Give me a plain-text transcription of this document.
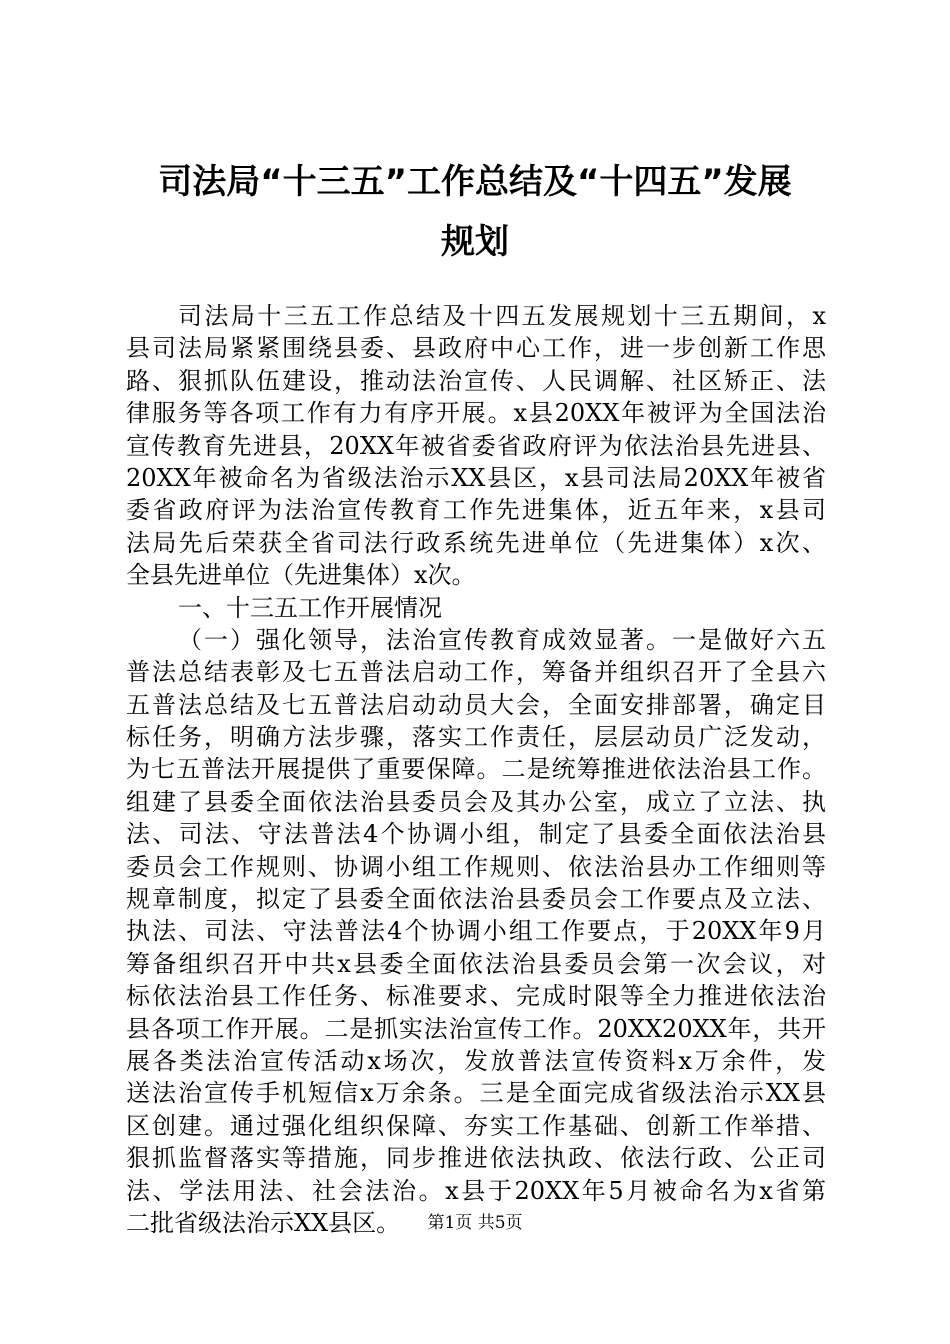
司法局“十三五”工作总结及“十四五”发展
规划
司法局十三五工作总结及十四五发展规划十三五期间，x
县司法局紧紧围绕县委、县政府中心工作，进一步创新工作思
路、狠抓队伍建设，推动法治宣传、人民调解、社区矫正、法
律服务等各项工作有力有序开展。x县20XX年被评为全国法治
宣传教育先进县，20XX年被省委省政府评为依法治县先进县、
20XX年被命名为省级法治示XX县区，x县司法局20XX年被省
委省政府评为法治宣传教育工作先进集体，近五年来，x县司
法局先后荣获全省司法行政系统先进单位（先进集体）x次、
全县先进单位（先进集体）x次。
一、十三五工作开展情况
（一）强化领导，法治宣传教育成效显著。一是做好六五
普法总结表彰及七五普法启动工作，筹备并组织召开了全县六
五普法总结及七五普法启动动员大会，全面安排部署，确定目
标任务，明确方法步骤，落实工作责任，层层动员广泛发动，
为七五普法开展提供了重要保障。二是统筹推进依法治县工作。
组建了县委全面依法治县委员会及其办公室，成立了立法、执
法、司法、守法普法4个协调小组，制定了县委全面依法治县
委员会工作规则、协调小组工作规则、依法治县办工作细则等
规章制度，拟定了县委全面依法治县委员会工作要点及立法、
执法、司法、守法普法4个协调小组工作要点，于20XX年9月
筹备组织召开中共x县委全面依法治县委员会第一次会议，对
标依法治县工作任务、标准要求、完成时限等全力推进依法治
县各项工作开展。二是抓实法治宣传工作。20XX20XX年，共开
展各类法治宣传活动x场次，发放普法宣传资料x万余件，发
送法治宣传手机短信x万余条。三是全面完成省级法治示XX县
区创建。通过强化组织保障、夯实工作基础、创新工作举措、
狠抓监督落实等措施，同步推进依法执政、依法行政、公正司
法、学法用法、社会法治。x县于20XX年5月被命名为x省第
二批省级法治示XX县区。	第1页 共5页
